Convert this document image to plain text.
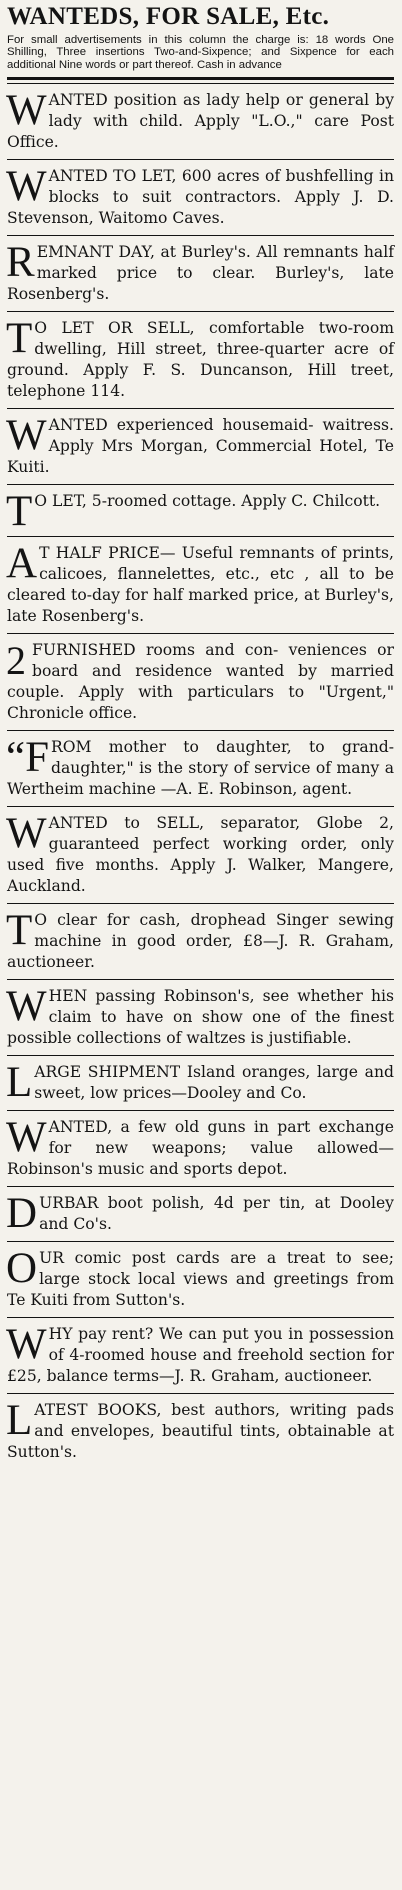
WANTEDS, FOR SALE, Etc.
For small advertisements in this column the charge is: 18 words One Shilling, Three insertions Two-and-Sixpence; and Sixpence for each additional Nine words or part thereof. Cash in advance

WANTED position as lady help or general by lady with child. Apply "L.O.," care Post Office.

WANTED TO LET, 600 acres of bushfelling in blocks to suit contractors. Apply J. D. Stevenson, Waitomo Caves.

REMNANT DAY, at Burley's. All remnants half marked price to clear. Burley's, late Rosenberg's.

T O LET OR SELL, comfortable two-room dwelling, Hill street, three-quarter acre of ground. Apply F. S. Duncanson, Hill treet, telephone 114.

WANTED experienced housemaid- waitress. Apply Mrs Morgan, Commercial Hotel, Te Kuiti.

T O LET, 5-roomed cottage. Apply C. Chilcott.

A T HALF PRICE— Useful remnants of prints, calicoes, flannelettes, etc., etc , all to be cleared to-day for half marked price, at Burley's, late Rosenberg's.

2 FURNISHED rooms and con- veniences or board and residence wanted by married couple. Apply with particulars to "Urgent," Chronicle office.

“FROM mother to daughter, to grand-daughter," is the story of service of many a Wertheim machine —A. E. Robinson, agent.

WANTED to SELL, separator, Globe 2, guaranteed perfect working order, only used five months. Apply J. Walker, Mangere, Auckland.

T O clear for cash, drophead Singer sewing machine in good order, £8—J. R. Graham, auctioneer.

WHEN passing Robinson's, see whether his claim to have on show one of the finest possible collections of waltzes is justifiable.

LARGE SHIPMENT Island oranges, large and sweet, low prices—Dooley and Co.

WANTED, a few old guns in part exchange for new weapons; value allowed—Robinson's music and sports depot.

DURBAR boot polish, 4d per tin, at Dooley and Co's.

OUR comic post cards are a treat to see; large stock local views and greetings from Te Kuiti from Sutton's.

WHY pay rent? We can put you in possession of 4-roomed house and freehold section for £25, balance terms—J. R. Graham, auctioneer.

LATEST BOOKS, best authors, writing pads and envelopes, beautiful tints, obtainable at Sutton's.
